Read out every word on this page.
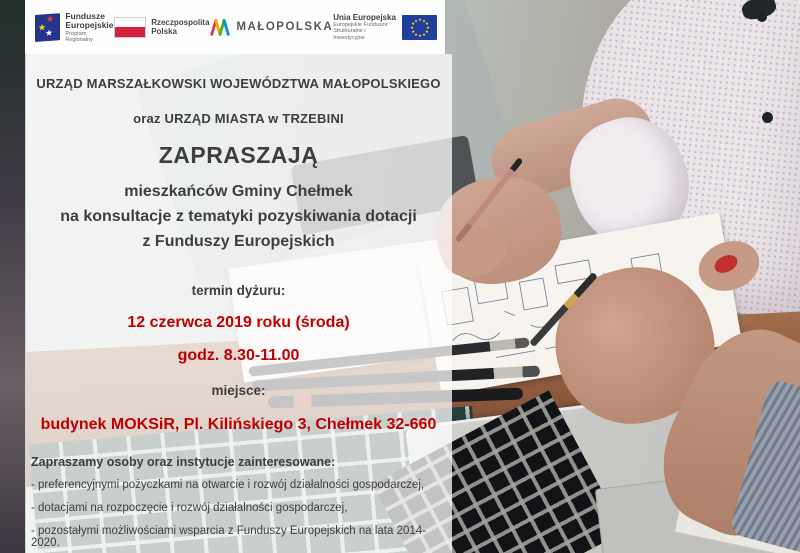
★
★
★
Fundusze
Europejskie
Program Regionalny
Rzeczpospolita
Polska	MAŁOPOLSKA
Unia Europejska
Europejskie Fundusze
Strukturalne i Inwestycyjne
★ ★
★
★
★
★
★
★
★
★
★
★
URZĄD MARSZAŁKOWSKI WOJEWÓDZTWA MAŁOPOLSKIEGO
oraz URZĄD MIASTA w TRZEBINI
ZAPRASZAJĄ
mieszkańców Gminy Chełmek
na konsultacje z tematyki pozyskiwania dotacji
z Funduszy Europejskich
termin dyżuru:
12 czerwca 2019 roku (środa)
godz. 8.30-11.00
miejsce:
budynek MOKSiR, Pl. Kilińskiego 3, Chełmek 32-660
Zapraszamy osoby oraz instytucje zainteresowane:
- preferencyjnymi pożyczkami na otwarcie i rozwój działalności gospodarczej,
- dotacjami na rozpoczęcie i rozwój działalności gospodarczej,
- pozostałymi możliwościami wsparcia z Funduszy Europejskich na lata 2014-2020.
